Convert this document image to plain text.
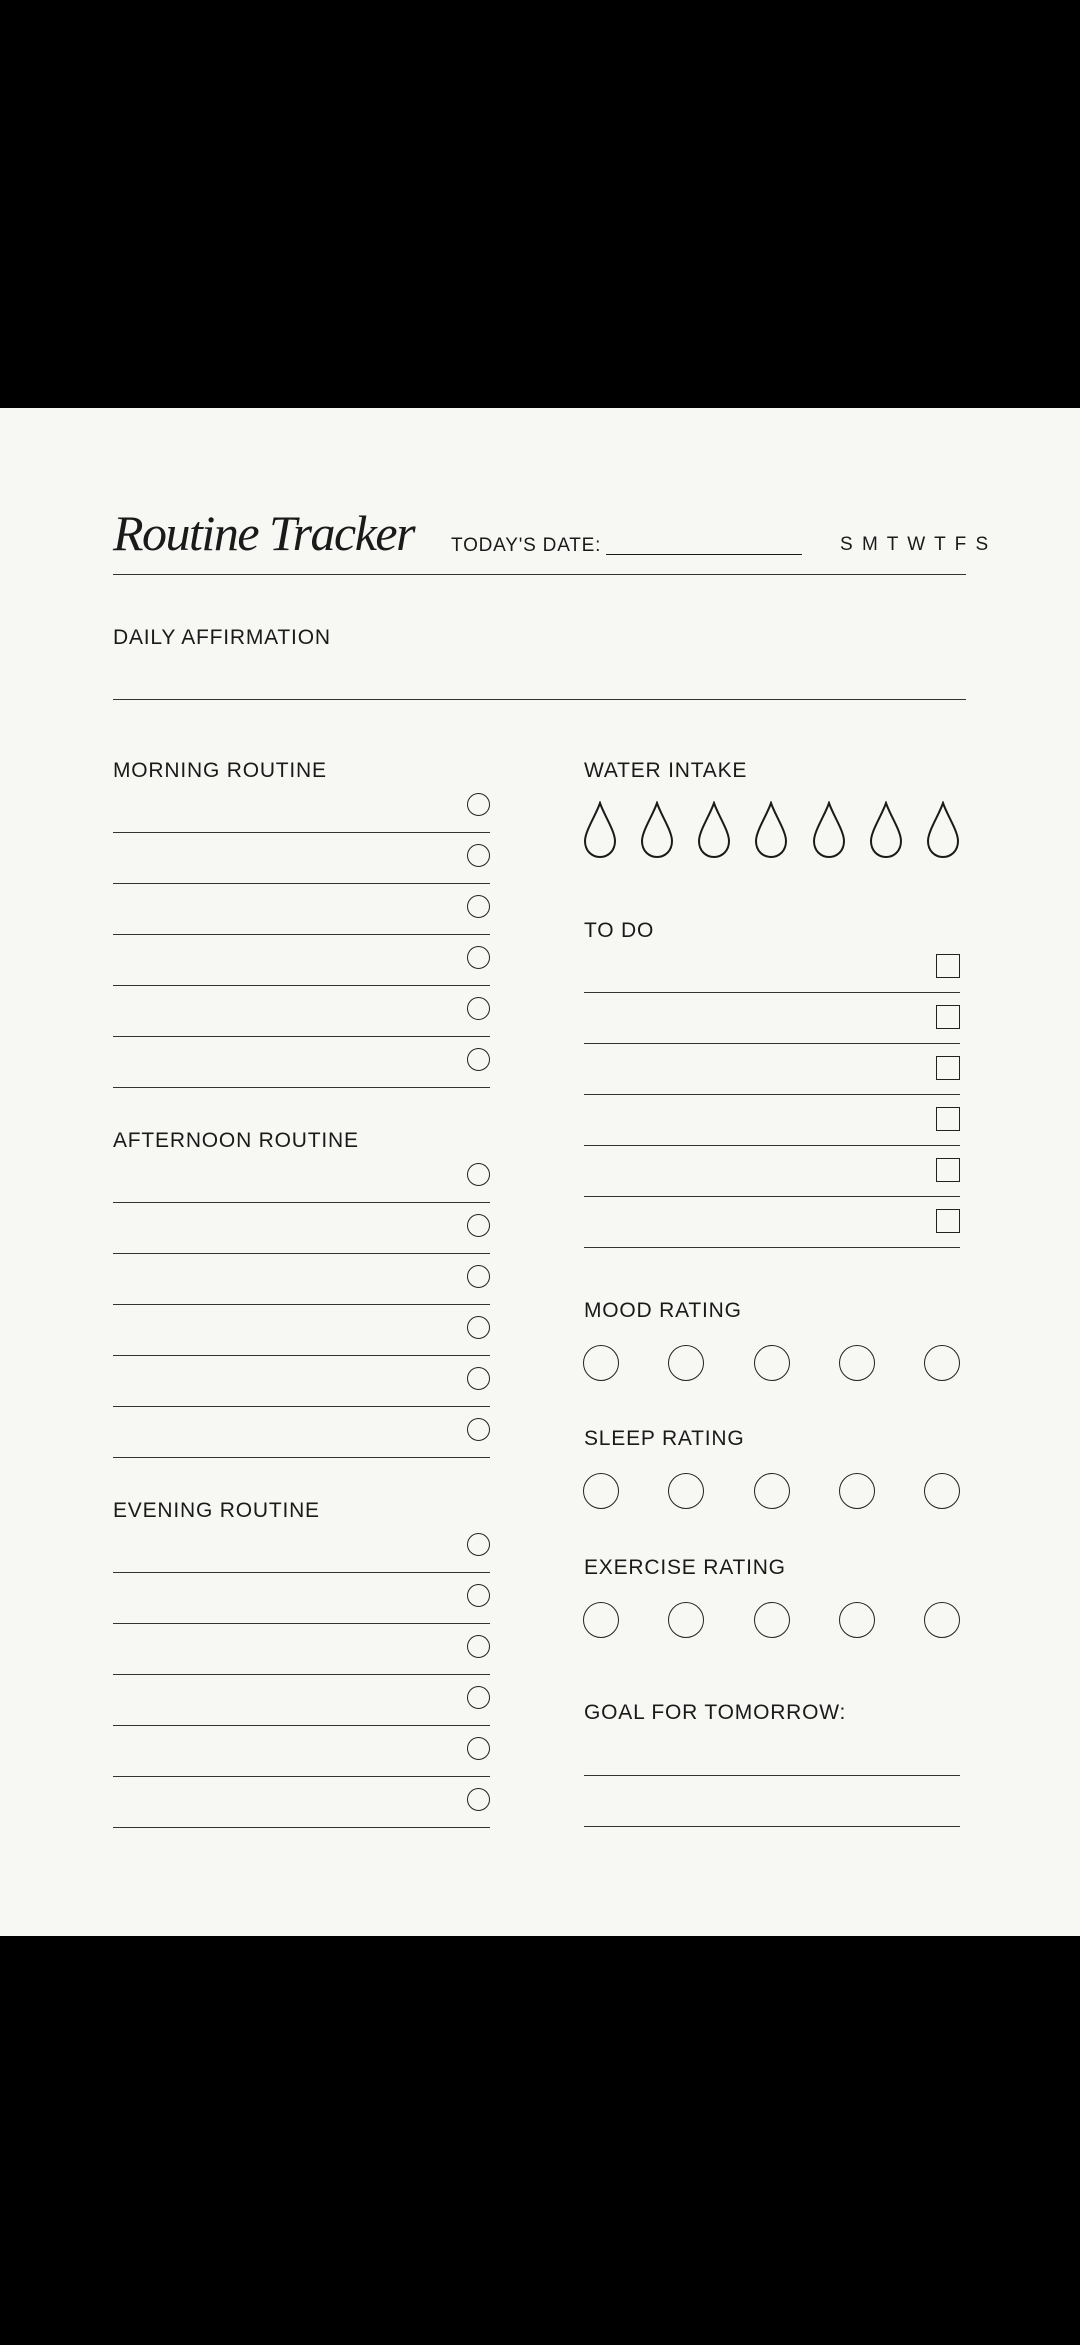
Routine Tracker TODAY'S DATE:	S M T W T F S
DAILY AFFIRMATION
MORNING ROUTINE
AFTERNOON ROUTINE
EVENING ROUTINE
WATER INTAKE
TO DO
MOOD RATING
SLEEP RATING
EXERCISE RATING
GOAL FOR TOMORROW:
